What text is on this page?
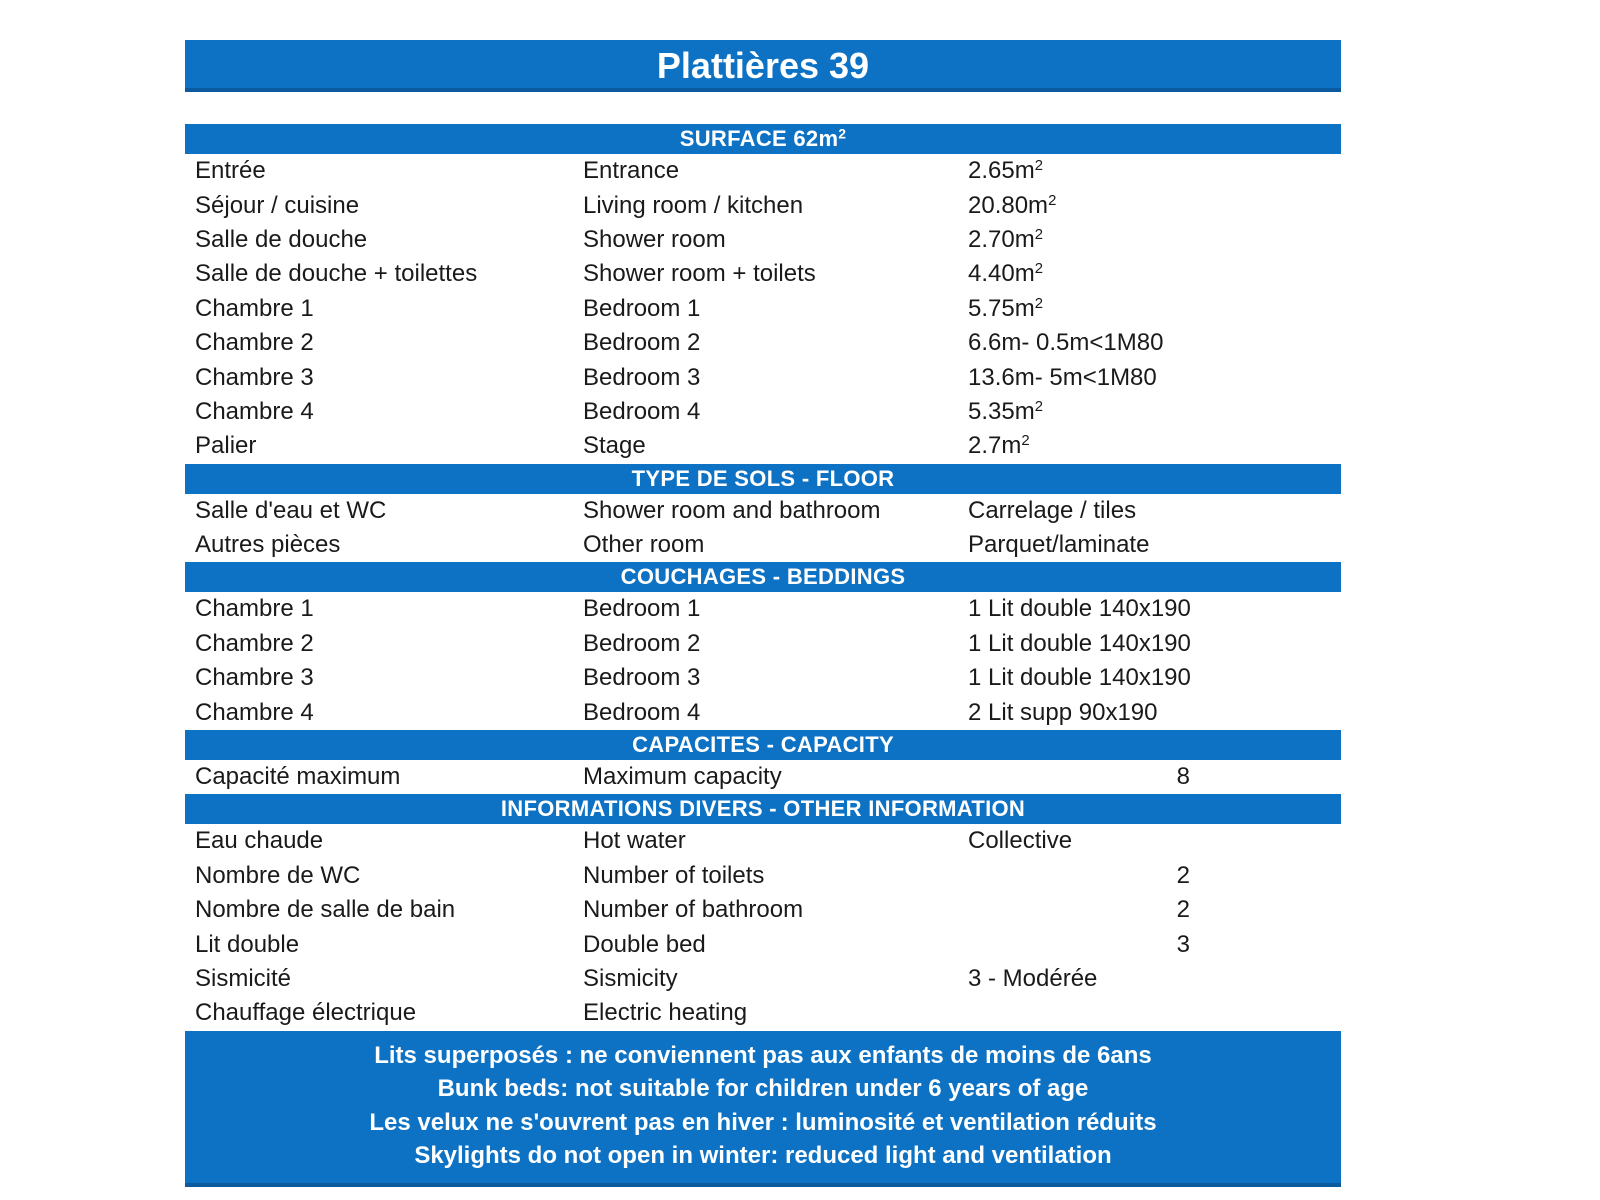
Plattières 39
SURFACE $62m^2$
Entrée	Entrance	$2.65m^2$
Séjour / cuisine	Living room / kitchen	$20.80m^2$
Salle de douche	Shower room	$2.70m^2$
Salle de douche + toilettes	Shower room + toilets	$4.40m^2$
Chambre 1	Bedroom 1	$5.75m^2$
Chambre 2	Bedroom 2	6.6m- 0.5m<1M80
Chambre 3	Bedroom 3	13.6m- 5m<1M80
Chambre 4	Bedroom 4	$5.35m^2$
Palier	Stage	$2.7m^2$
TYPE DE SOLS - FLOOR
Salle d'eau et WC	Shower room and bathroom	Carrelage / tiles
Autres pièces	Other room	Parquet/laminate
COUCHAGES - BEDDINGS
Chambre 1	Bedroom 1	1 Lit double 140x190
Chambre 2	Bedroom 2	1 Lit double 140x190
Chambre 3	Bedroom 3	1 Lit double 140x190
Chambre 4	Bedroom 4	2 Lit supp 90x190
CAPACITES - CAPACITY
Capacité maximum	Maximum capacity	8
INFORMATIONS DIVERS - OTHER INFORMATION
Eau chaude	Hot water	Collective
Nombre de WC	Number of toilets	2
Nombre de salle de bain	Number of bathroom	2
Lit double	Double bed	3
Sismicité	Sismicity	3 - Modérée
Chauffage électrique	Electric heating
Lits superposés : ne conviennent pas aux enfants de moins de 6ans
Bunk beds: not suitable for children under 6 years of age
Les velux ne s'ouvrent pas en hiver : luminosité et ventilation réduits
Skylights do not open in winter: reduced light and ventilation
